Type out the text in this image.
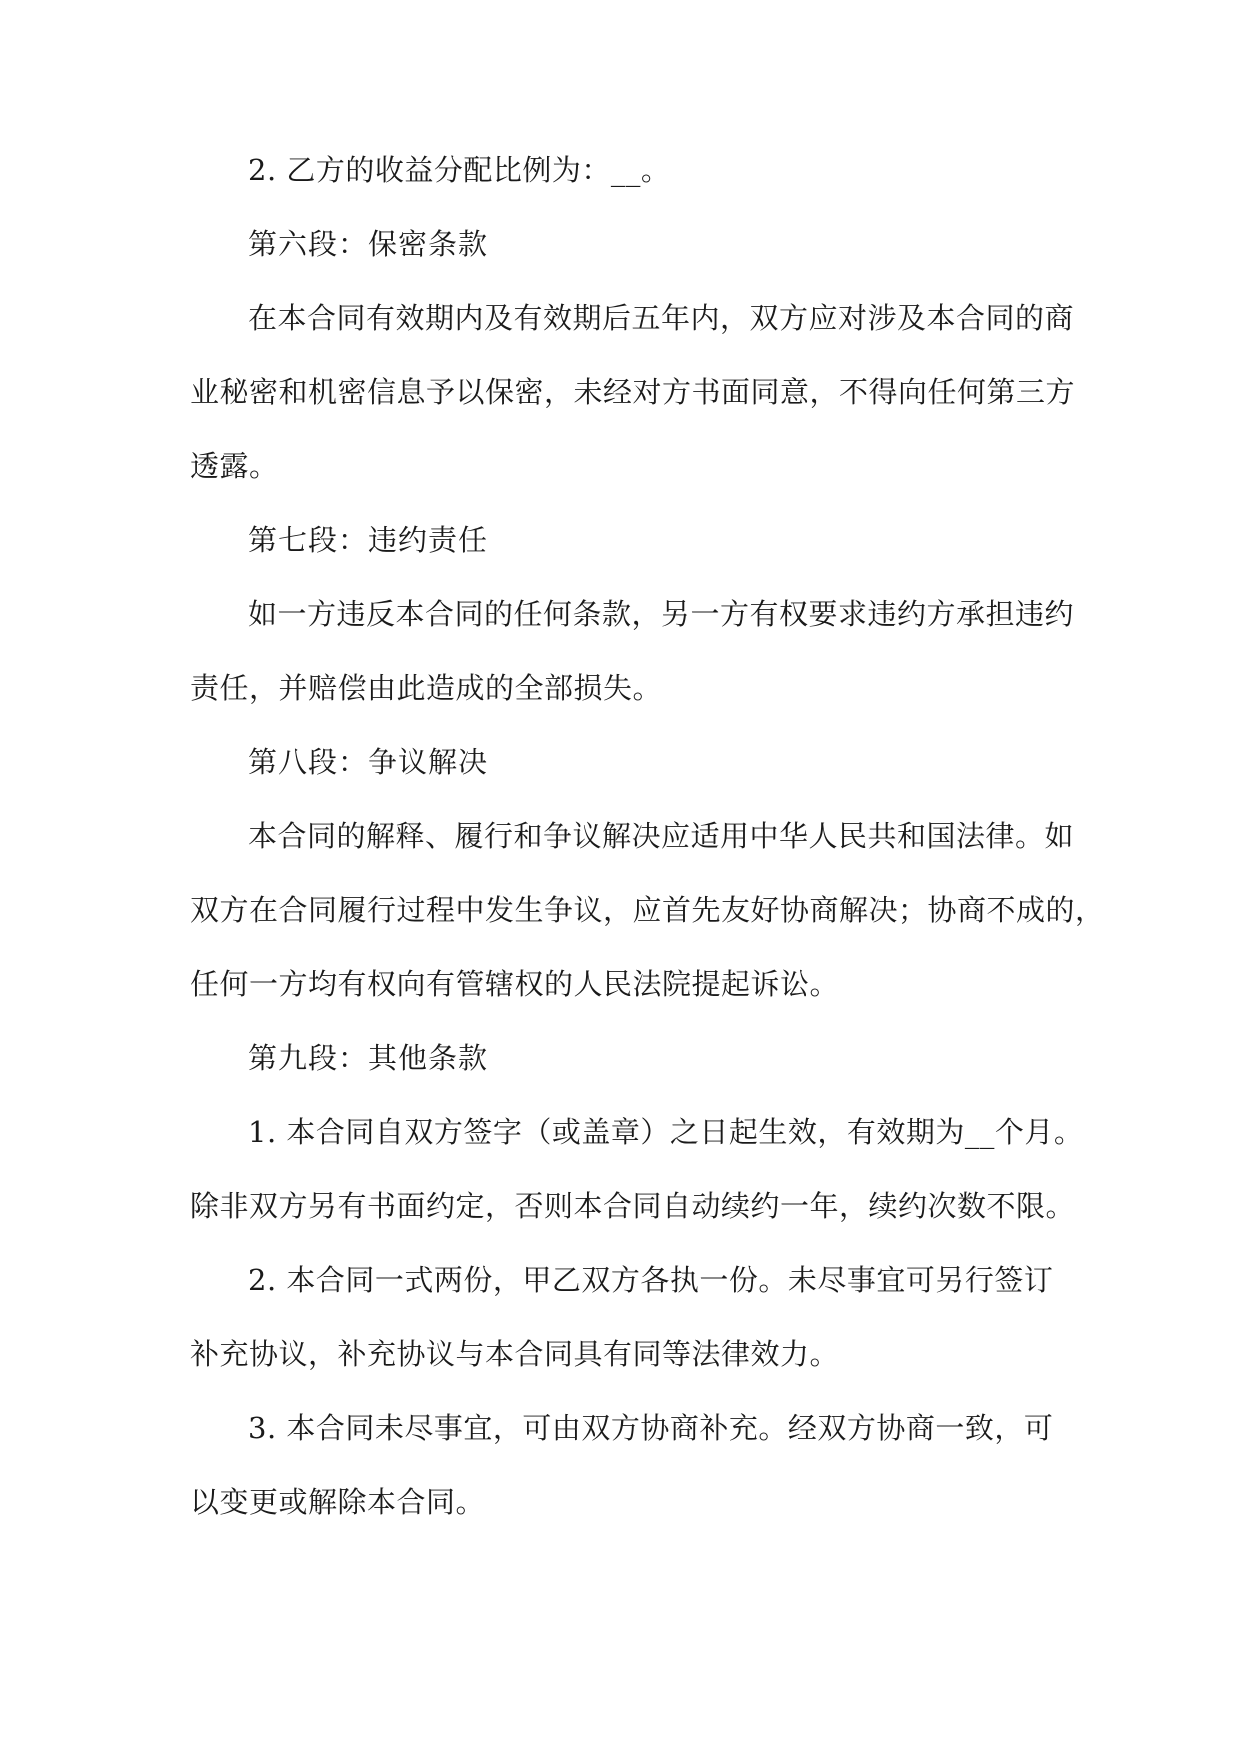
2. 乙方的收益分配比例为：__。
第六段：保密条款
在本合同有效期内及有效期后五年内，双方应对涉及本合同的商
业秘密和机密信息予以保密，未经对方书面同意，不得向任何第三方
透露。
第七段：违约责任
如一方违反本合同的任何条款，另一方有权要求违约方承担违约
责任，并赔偿由此造成的全部损失。
第八段：争议解决
本合同的解释、履行和争议解决应适用中华人民共和国法律。如
双方在合同履行过程中发生争议，应首先友好协商解决；协商不成的，
任何一方均有权向有管辖权的人民法院提起诉讼。
第九段：其他条款
1. 本合同自双方签字（或盖章）之日起生效，有效期为__个月。
除非双方另有书面约定，否则本合同自动续约一年，续约次数不限。
2. 本合同一式两份，甲乙双方各执一份。未尽事宜可另行签订
补充协议，补充协议与本合同具有同等法律效力。
3. 本合同未尽事宜，可由双方协商补充。经双方协商一致，可
以变更或解除本合同。
